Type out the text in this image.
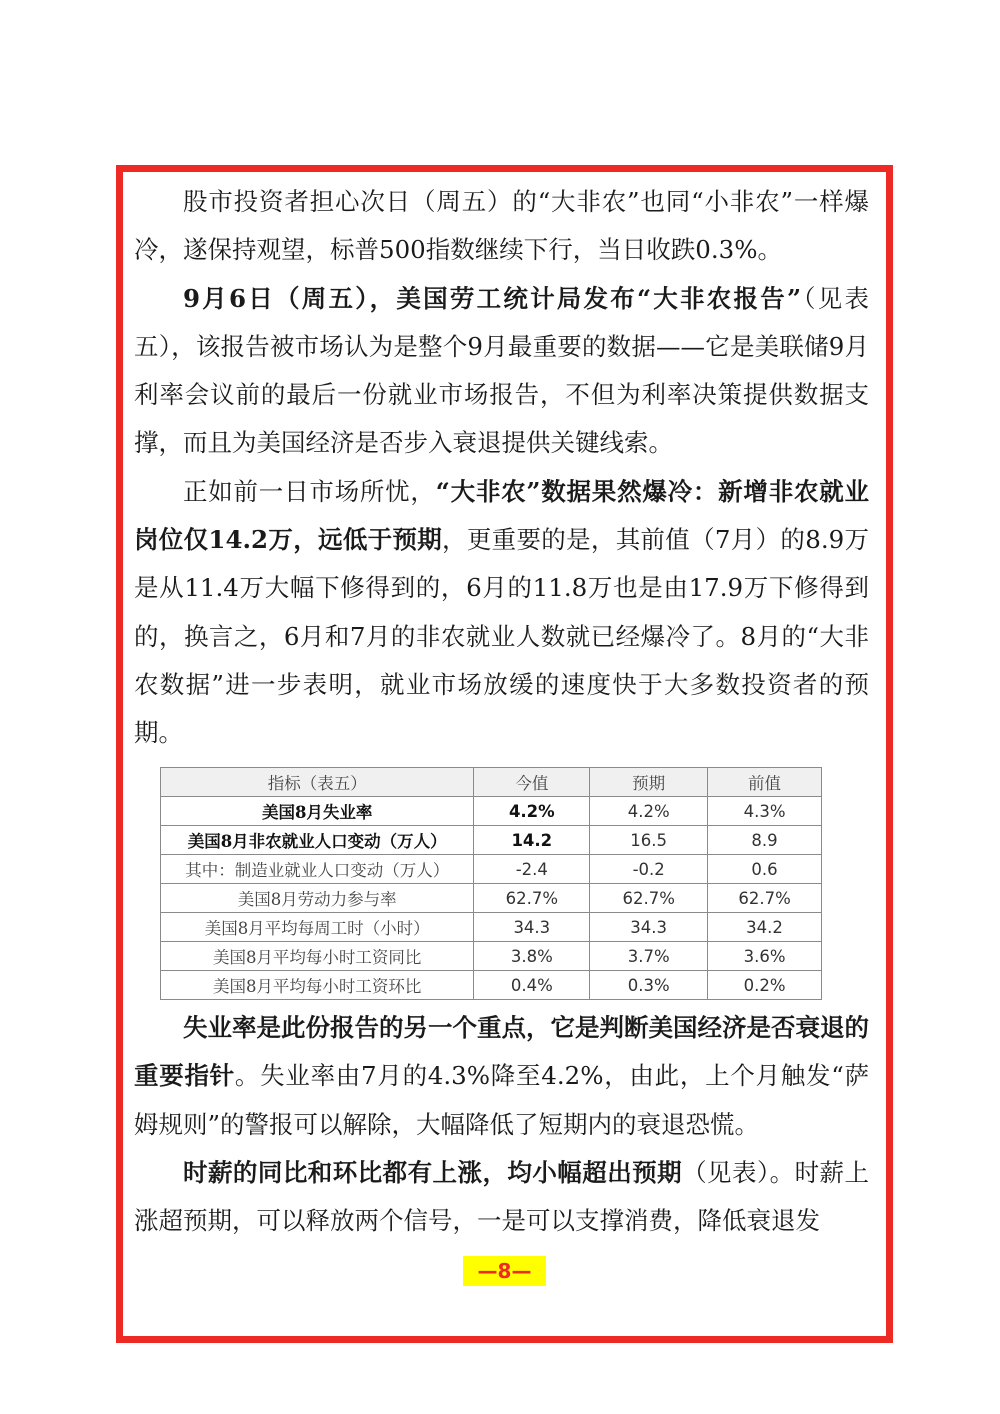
股市投资者担心次日（周五）的“大非农”也同“小非农”一样爆冷，遂保持观望，标普500指数继续下行，当日收跌0.3%。

9月6日（周五），美国劳工统计局发布“大非农报告”（见表五），该报告被市场认为是整个9月最重要的数据——它是美联储9月利率会议前的最后一份就业市场报告，不但为利率决策提供数据支撑，而且为美国经济是否步入衰退提供关键线索。

正如前一日市场所忧，“大非农”数据果然爆冷：新增非农就业岗位仅14.2万，远低于预期，更重要的是，其前值（7月）的8.9万是从11.4万大幅下修得到的，6月的11.8万也是由17.9万下修得到的，换言之，6月和7月的非农就业人数就已经爆冷了。8月的“大非农数据”进一步表明，就业市场放缓的速度快于大多数投资者的预期。

指标（表五）	今值	预期	前值
美国8月失业率	4.2%	4.2%	4.3%
美国8月非农就业人口变动（万人）	14.2	16.5	8.9
其中：制造业就业人口变动（万人）	-2.4	-0.2	0.6
美国8月劳动力参与率	62.7%	62.7%	62.7%
美国8月平均每周工时（小时）	34.3	34.3	34.2
美国8月平均每小时工资同比	3.8%	3.7%	3.6%
美国8月平均每小时工资环比	0.4%	0.3%	0.2%

失业率是此份报告的另一个重点，它是判断美国经济是否衰退的重要指针。失业率由7月的4.3%降至4.2%，由此，上个月触发“萨姆规则”的警报可以解除，大幅降低了短期内的衰退恐慌。

时薪的同比和环比都有上涨，均小幅超出预期（见表）。时薪上涨超预期，可以释放两个信号，一是可以支撑消费，降低衰退发

—8—
